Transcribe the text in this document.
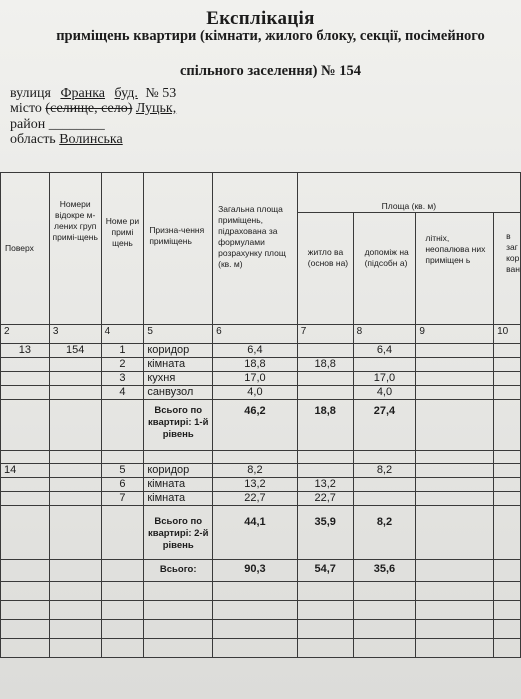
Експлікація
приміщень квартири (кімнати, жилого блоку, секції, посімейного
спільного заселення) № 154
вулиця Франка буд. № 53
місто (селище, село) Луцьк,
район ________
область Волинська
Поверх	Номери відокре м-лених груп примі-щень	Номе ри примі щень	Призна-чення приміщень	Загальна площа приміщень, підрахована за формулами розрахунку площ (кв. м)	Площа (кв. м)			
					житло ва (основ на)	допоміж на (підсобн а)	літніх, неопалюва них приміщен ь	в заг кор ван
2	3	4	5	6	7	8	9	10
13	154	1	коридор	6,4		6,4		
		2	кімната	18,8	18,8			
		3	кухня	17,0		17,0		
		4	санвузол	4,0		4,0		
			Всього по квартирі: 1-й рівень	46,2	18,8	27,4		

14		5	коридор	8,2		8,2		
		6	кімната	13,2	13,2			
		7	кімната	22,7	22,7			
			Всього по квартирі: 2-й рівень	44,1	35,9	8,2		
			Всього:	90,3	54,7	35,6		
